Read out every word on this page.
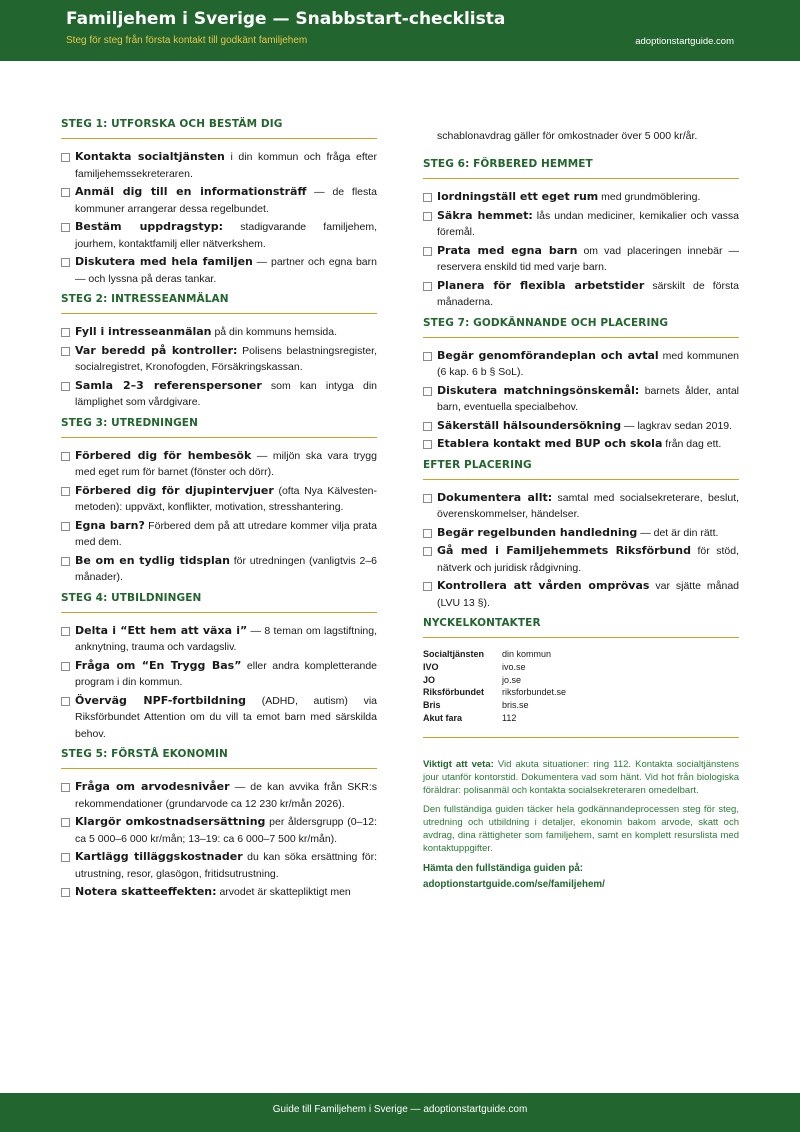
Familjehem i Sverige — Snabbstart-checklista
Steg för steg från första kontakt till godkänt familjehem	adoptionstartguide.com
STEG 1: UTFORSKA OCH BESTÄM DIG
Kontakta socialtjänsten i din kommun och fråga efter familjehemssekreteraren.
Anmäl dig till en informationsträff — de flesta kommuner arrangerar dessa regelbundet.
Bestäm uppdragstyp: stadigvarande familjehem, jourhem, kontaktfamilj eller nätverkshem.
Diskutera med hela familjen — partner och egna barn — och lyssna på deras tankar.
STEG 2: INTRESSEANMÄLAN
Fyll i intresseanmälan på din kommuns hemsida.
Var beredd på kontroller: Polisens belastningsregister, socialregistret, Kronofogden, Försäkringskassan.
Samla 2–3 referenspersoner som kan intyga din lämplighet som vårdgivare.
STEG 3: UTREDNINGEN
Förbered dig för hembesök — miljön ska vara trygg med eget rum för barnet (fönster och dörr).
Förbered dig för djupintervjuer (ofta Nya Kälvesten-metoden): uppväxt, konflikter, motivation, stresshantering.
Egna barn? Förbered dem på att utredare kommer vilja prata med dem.
Be om en tydlig tidsplan för utredningen (vanligtvis 2–6 månader).
STEG 4: UTBILDNINGEN
Delta i “Ett hem att växa i” — 8 teman om lagstiftning, anknytning, trauma och vardagsliv.
Fråga om “En Trygg Bas” eller andra kompletterande program i din kommun.
Överväg NPF-fortbildning (ADHD, autism) via Riksförbundet Attention om du vill ta emot barn med särskilda behov.
STEG 5: FÖRSTÅ EKONOMIN
Fråga om arvodesnivåer — de kan avvika från SKR:s rekommendationer (grundarvode ca 12 230 kr/mån 2026).
Klargör omkostnadsersättning per åldersgrupp (0–12: ca 5 000–6 000 kr/mån; 13–19: ca 6 000–7 500 kr/mån).
Kartlägg tilläggskostnader du kan söka ersättning för: utrustning, resor, glasögon, fritidsutrustning.
Notera skatteeffekten: arvodet är skattepliktigt men
schablonavdrag gäller för omkostnader över 5 000 kr/år.
STEG 6: FÖRBERED HEMMET
Iordningställ ett eget rum med grundmöblering.
Säkra hemmet: lås undan mediciner, kemikalier och vassa föremål.
Prata med egna barn om vad placeringen innebär — reservera enskild tid med varje barn.
Planera för flexibla arbetstider särskilt de första månaderna.
STEG 7: GODKÄNNANDE OCH PLACERING
Begär genomförandeplan och avtal med kommunen (6 kap. 6 b § SoL).
Diskutera matchningsönskemål: barnets ålder, antal barn, eventuella specialbehov.
Säkerställ hälsoundersökning — lagkrav sedan 2019.
Etablera kontakt med BUP och skola från dag ett.
EFTER PLACERING
Dokumentera allt: samtal med socialsekreterare, beslut, överenskommelser, händelser.
Begär regelbunden handledning — det är din rätt.
Gå med i Familjehemmets Riksförbund för stöd, nätverk och juridisk rådgivning.
Kontrollera att vården omprövas var sjätte månad (LVU 13 §).
NYCKELKONTAKTER
Socialtjänsten	din kommun
IVO	ivo.se
JO	jo.se
Riksförbundet	riksforbundet.se
Bris	bris.se
Akut fara	112
Viktigt att veta: Vid akuta situationer: ring 112. Kontakta socialtjänstens jour utanför kontorstid. Dokumentera vad som hänt. Vid hot från biologiska föräldrar: polisanmäl och kontakta socialsekreteraren omedelbart.
Den fullständiga guiden täcker hela godkännandeprocessen steg för steg, utredning och utbildning i detaljer, ekonomin bakom arvode, skatt och avdrag, dina rättigheter som familjehem, samt en komplett resurslista med kontaktuppgifter.
Hämta den fullständiga guiden på:
adoptionstartguide.com/se/familjehem/
Guide till Familjehem i Sverige — adoptionstartguide.com
